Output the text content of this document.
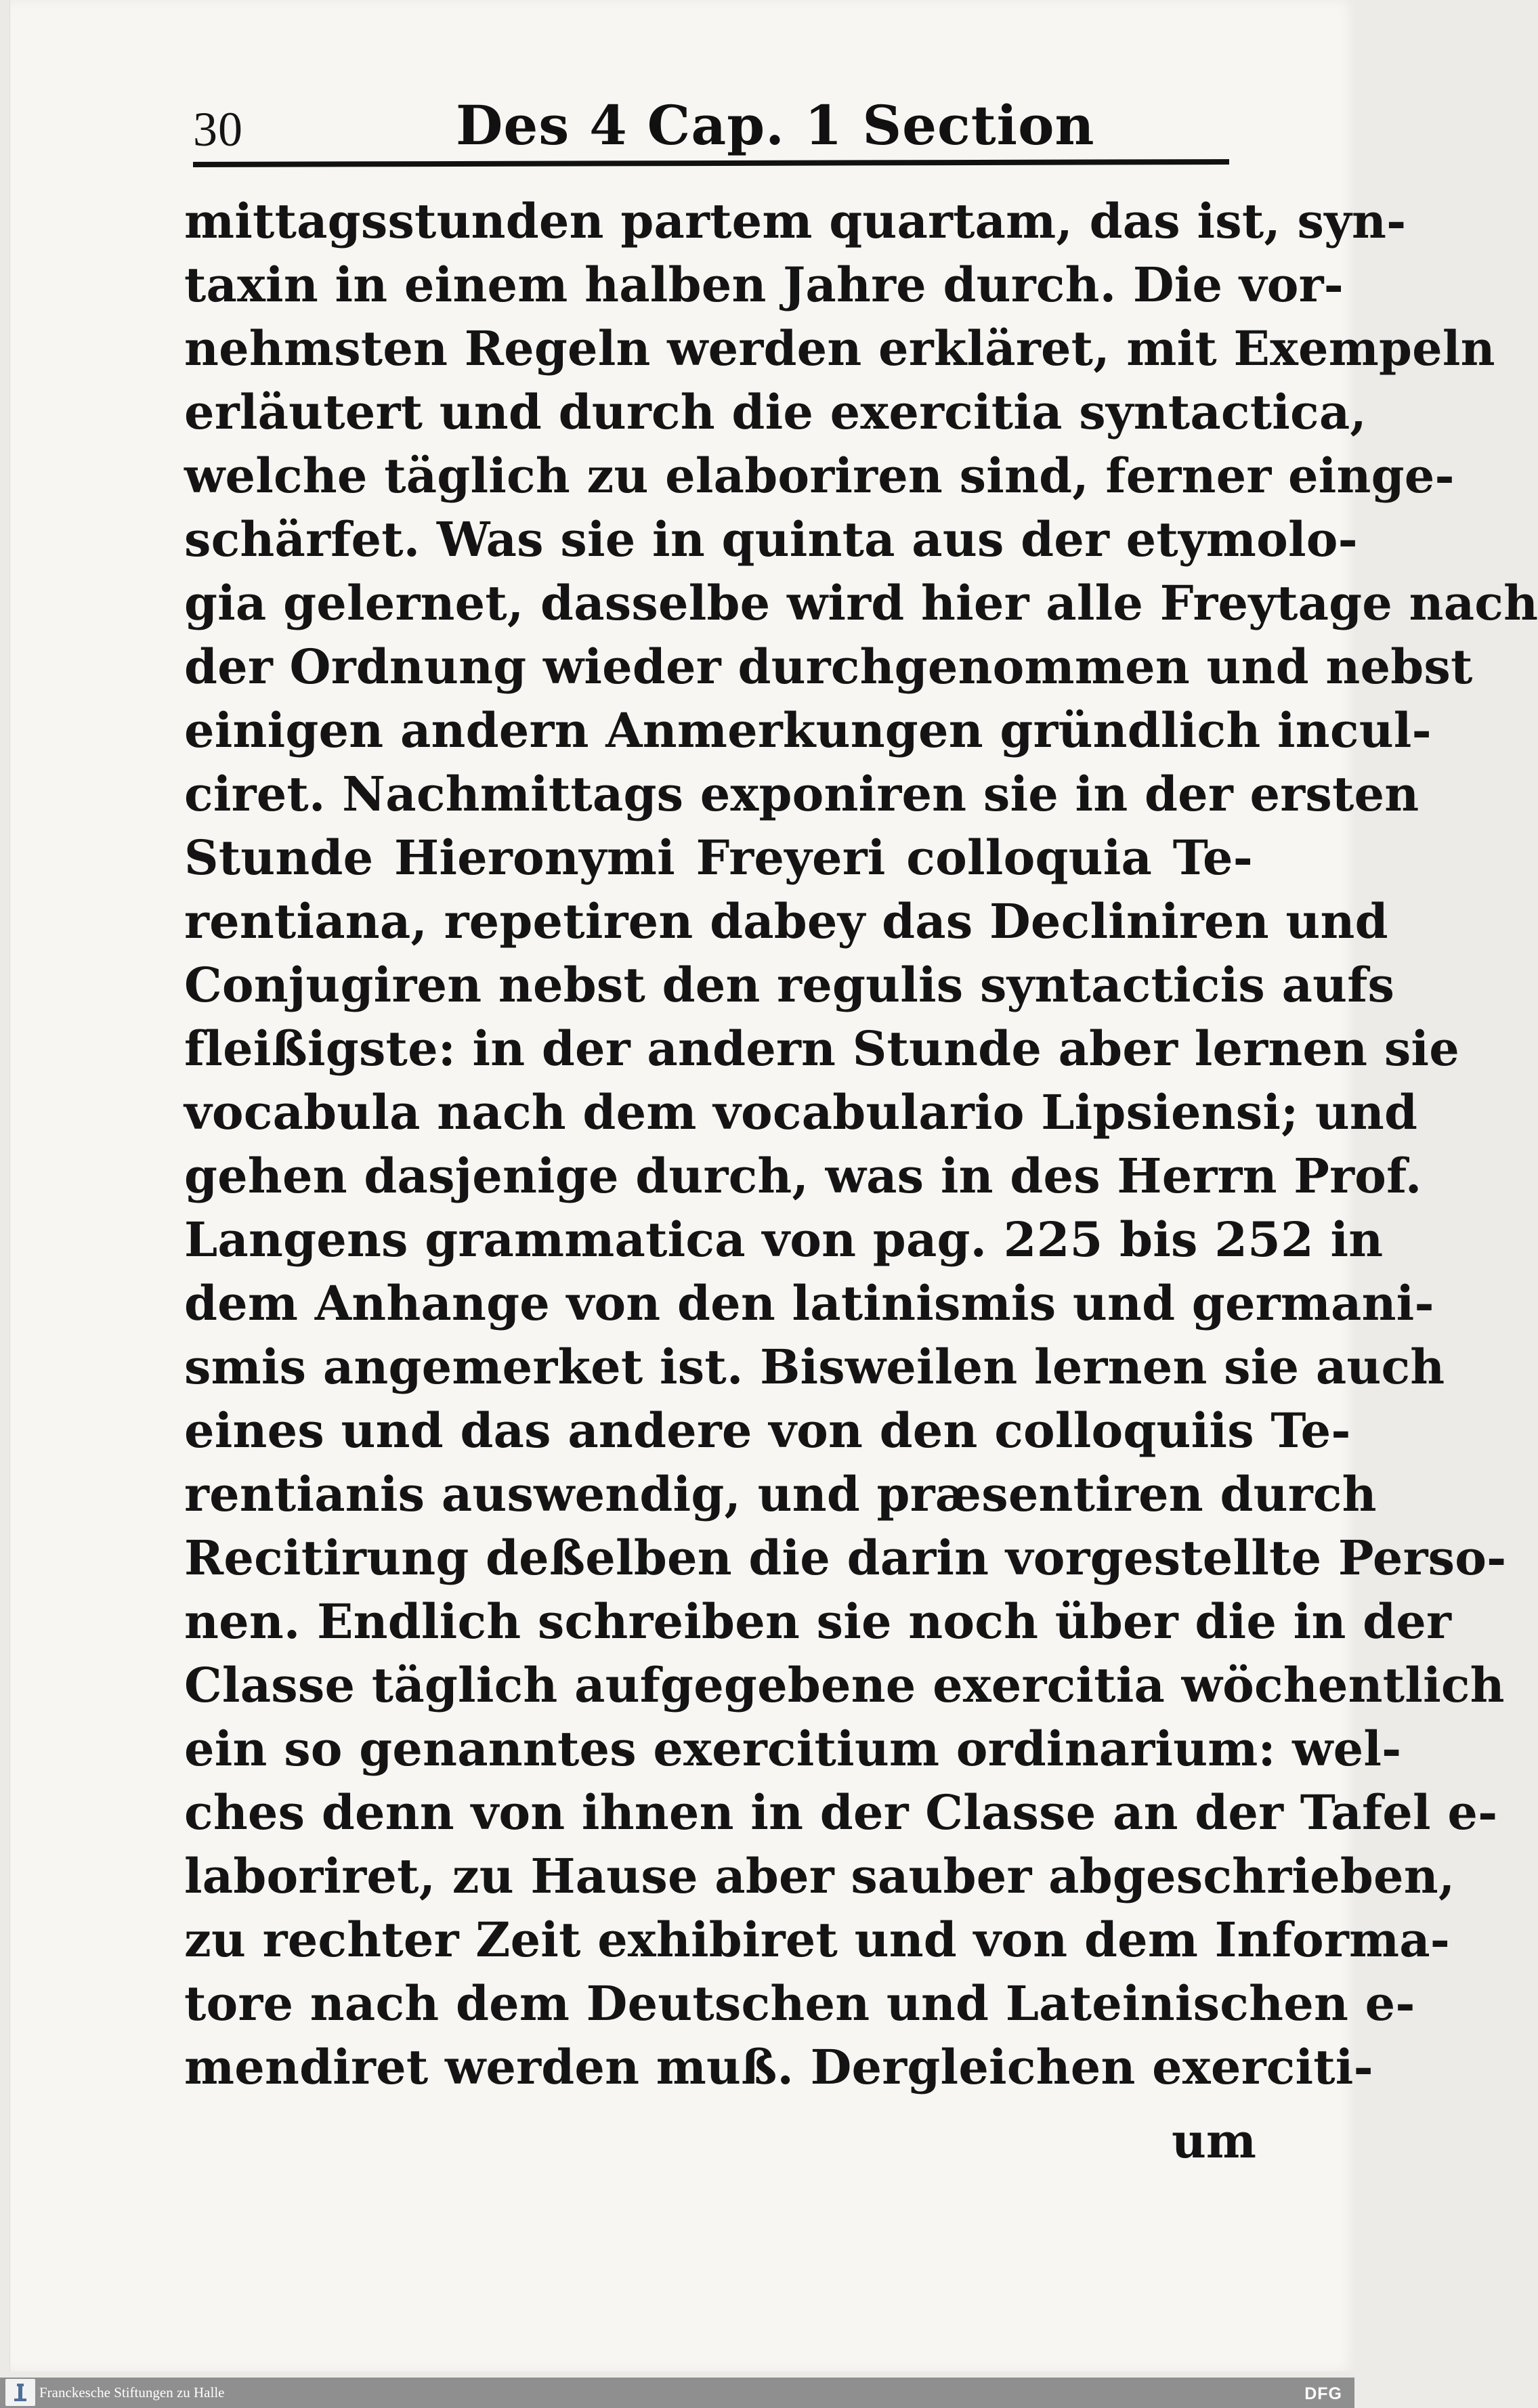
30	Des 4 Cap. 1 Section
mittagsstunden partem quartam, das ist, syn-
taxin in einem halben Jahre durch. Die vor-
nehmsten Regeln werden erkläret, mit Exempeln
erläutert und durch die exercitia syntactica,
welche täglich zu elaboriren sind, ferner einge-
schärfet. Was sie in quinta aus der etymolo-
gia gelernet, dasselbe wird hier alle Freytage nach
der Ordnung wieder durchgenommen und nebst
einigen andern Anmerkungen gründlich incul-
ciret. Nachmittags exponiren sie in der ersten
Stunde Hieronymi Freyeri colloquia Te-
rentiana, repetiren dabey das Decliniren und
Conjugiren nebst den regulis syntacticis aufs
fleißigste: in der andern Stunde aber lernen sie
vocabula nach dem vocabulario Lipsiensi; und
gehen dasjenige durch, was in des Herrn Prof.
Langens grammatica von pag. 225 bis 252 in
dem Anhange von den latinismis und germani-
smis angemerket ist. Bisweilen lernen sie auch
eines und das andere von den colloquiis Te-
rentianis auswendig, und præsentiren durch
Recitirung deßelben die darin vorgestellte Perso-
nen. Endlich schreiben sie noch über die in der
Classe täglich aufgegebene exercitia wöchentlich
ein so genanntes exercitium ordinarium: wel-
ches denn von ihnen in der Classe an der Tafel e-
laboriret, zu Hause aber sauber abgeschrieben,
zu rechter Zeit exhibiret und von dem Informa-
tore nach dem Deutschen und Lateinischen e-
mendiret werden muß. Dergleichen exerciti-
um
Franckesche Stiftungen zu Halle	DFG
